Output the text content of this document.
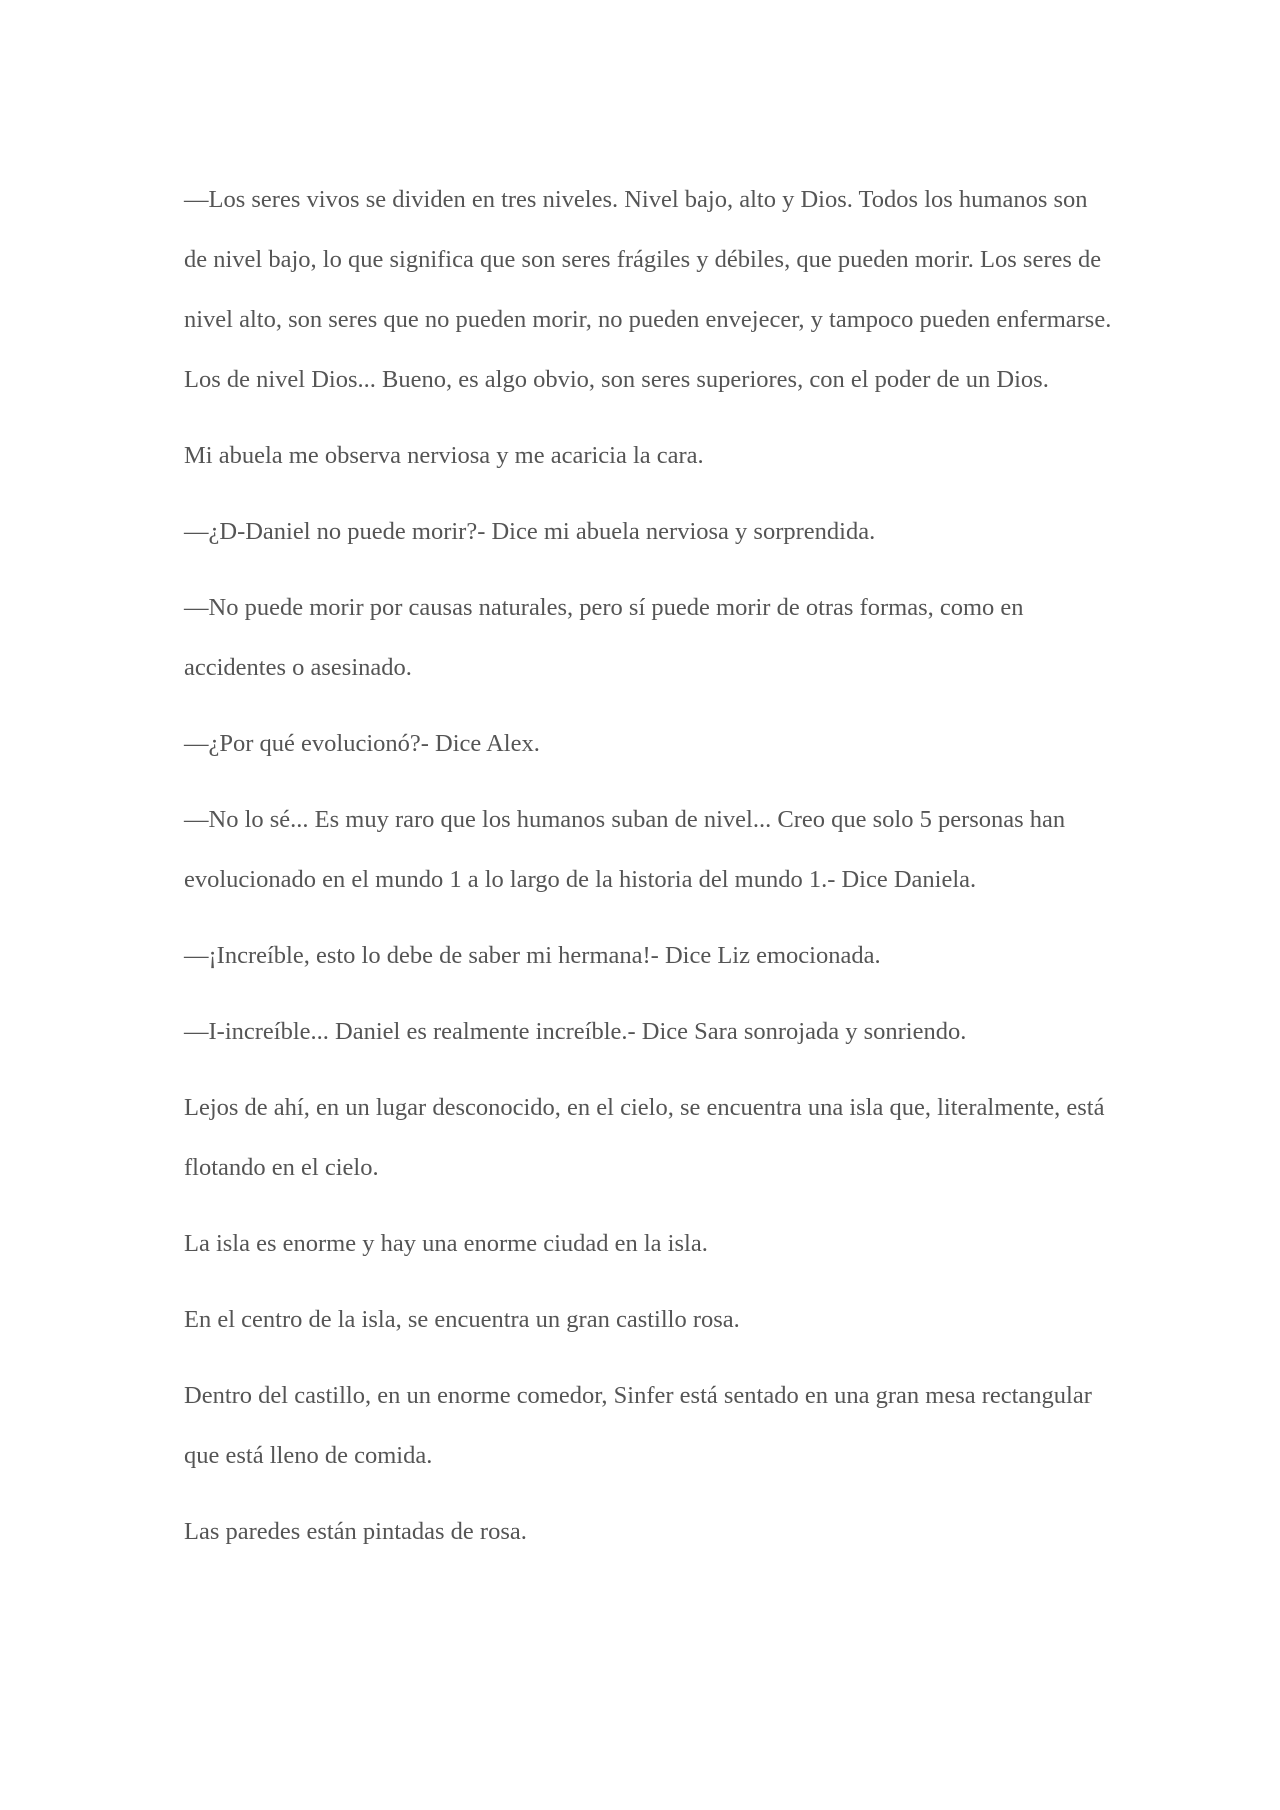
—Los seres vivos se dividen en tres niveles. Nivel bajo, alto y Dios. Todos los humanos son de nivel bajo, lo que significa que son seres frágiles y débiles, que pueden morir. Los seres de nivel alto, son seres que no pueden morir, no pueden envejecer, y tampoco pueden enfermarse. Los de nivel Dios... Bueno, es algo obvio, son seres superiores, con el poder de un Dios.

Mi abuela me observa nerviosa y me acaricia la cara.

—¿D-Daniel no puede morir?- Dice mi abuela nerviosa y sorprendida.

—No puede morir por causas naturales, pero sí puede morir de otras formas, como en accidentes o asesinado.

—¿Por qué evolucionó?- Dice Alex.

—No lo sé... Es muy raro que los humanos suban de nivel... Creo que solo 5 personas han evolucionado en el mundo 1 a lo largo de la historia del mundo 1.- Dice Daniela.

—¡Increíble, esto lo debe de saber mi hermana!- Dice Liz emocionada.

—I-increíble... Daniel es realmente increíble.- Dice Sara sonrojada y sonriendo.

Lejos de ahí, en un lugar desconocido, en el cielo, se encuentra una isla que, literalmente, está flotando en el cielo.

La isla es enorme y hay una enorme ciudad en la isla.

En el centro de la isla, se encuentra un gran castillo rosa.

Dentro del castillo, en un enorme comedor, Sinfer está sentado en una gran mesa rectangular que está lleno de comida.

Las paredes están pintadas de rosa.
